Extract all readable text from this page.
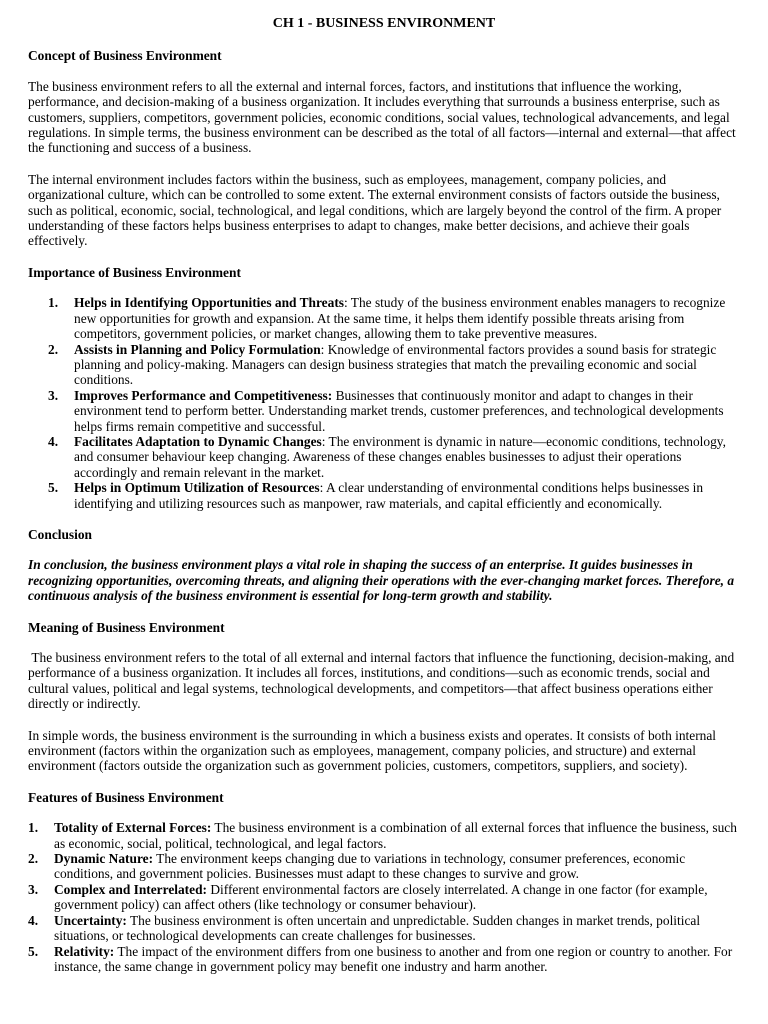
CH 1 - BUSINESS ENVIRONMENT
Concept of Business Environment

The business environment refers to all the external and internal forces, factors, and institutions that influence the working, performance, and decision-making of a business organization. It includes everything that surrounds a business enterprise, such as customers, suppliers, competitors, government policies, economic conditions, social values, technological advancements, and legal regulations. In simple terms, the business environment can be described as the total of all factors—internal and external—that affect the functioning and success of a business.

The internal environment includes factors within the business, such as employees, management, company policies, and organizational culture, which can be controlled to some extent. The external environment consists of factors outside the business, such as political, economic, social, technological, and legal conditions, which are largely beyond the control of the firm. A proper understanding of these factors helps business enterprises to adapt to changes, make better decisions, and achieve their goals effectively.

Importance of Business Environment
1.	Helps in Identifying Opportunities and Threats: The study of the business environment enables managers to recognize new opportunities for growth and expansion. At the same time, it helps them identify possible threats arising from competitors, government policies, or market changes, allowing them to take preventive measures.
2.	Assists in Planning and Policy Formulation: Knowledge of environmental factors provides a sound basis for strategic planning and policy-making. Managers can design business strategies that match the prevailing economic and social conditions.
3.	Improves Performance and Competitiveness: Businesses that continuously monitor and adapt to changes in their environment tend to perform better. Understanding market trends, customer preferences, and technological developments helps firms remain competitive and successful.
4.	Facilitates Adaptation to Dynamic Changes: The environment is dynamic in nature—economic conditions, technology, and consumer behaviour keep changing. Awareness of these changes enables businesses to adjust their operations accordingly and remain relevant in the market.
5.	Helps in Optimum Utilization of Resources: A clear understanding of environmental conditions helps businesses in identifying and utilizing resources such as manpower, raw materials, and capital efficiently and economically.
Conclusion

In conclusion, the business environment plays a vital role in shaping the success of an enterprise. It guides businesses in recognizing opportunities, overcoming threats, and aligning their operations with the ever-changing market forces. Therefore, a continuous analysis of the business environment is essential for long-term growth and stability.

Meaning of Business Environment

The business environment refers to the total of all external and internal factors that influence the functioning, decision-making, and performance of a business organization. It includes all forces, institutions, and conditions—such as economic trends, social and cultural values, political and legal systems, technological developments, and competitors—that affect business operations either directly or indirectly.

In simple words, the business environment is the surrounding in which a business exists and operates. It consists of both internal environment (factors within the organization such as employees, management, company policies, and structure) and external environment (factors outside the organization such as government policies, customers, competitors, suppliers, and society).

Features of Business Environment
1.	Totality of External Forces: The business environment is a combination of all external forces that influence the business, such as economic, social, political, technological, and legal factors.
2.	Dynamic Nature: The environment keeps changing due to variations in technology, consumer preferences, economic conditions, and government policies. Businesses must adapt to these changes to survive and grow.
3.	Complex and Interrelated: Different environmental factors are closely interrelated. A change in one factor (for example, government policy) can affect others (like technology or consumer behaviour).
4.	Uncertainty: The business environment is often uncertain and unpredictable. Sudden changes in market trends, political situations, or technological developments can create challenges for businesses.
5.	Relativity: The impact of the environment differs from one business to another and from one region or country to another. For instance, the same change in government policy may benefit one industry and harm another.
